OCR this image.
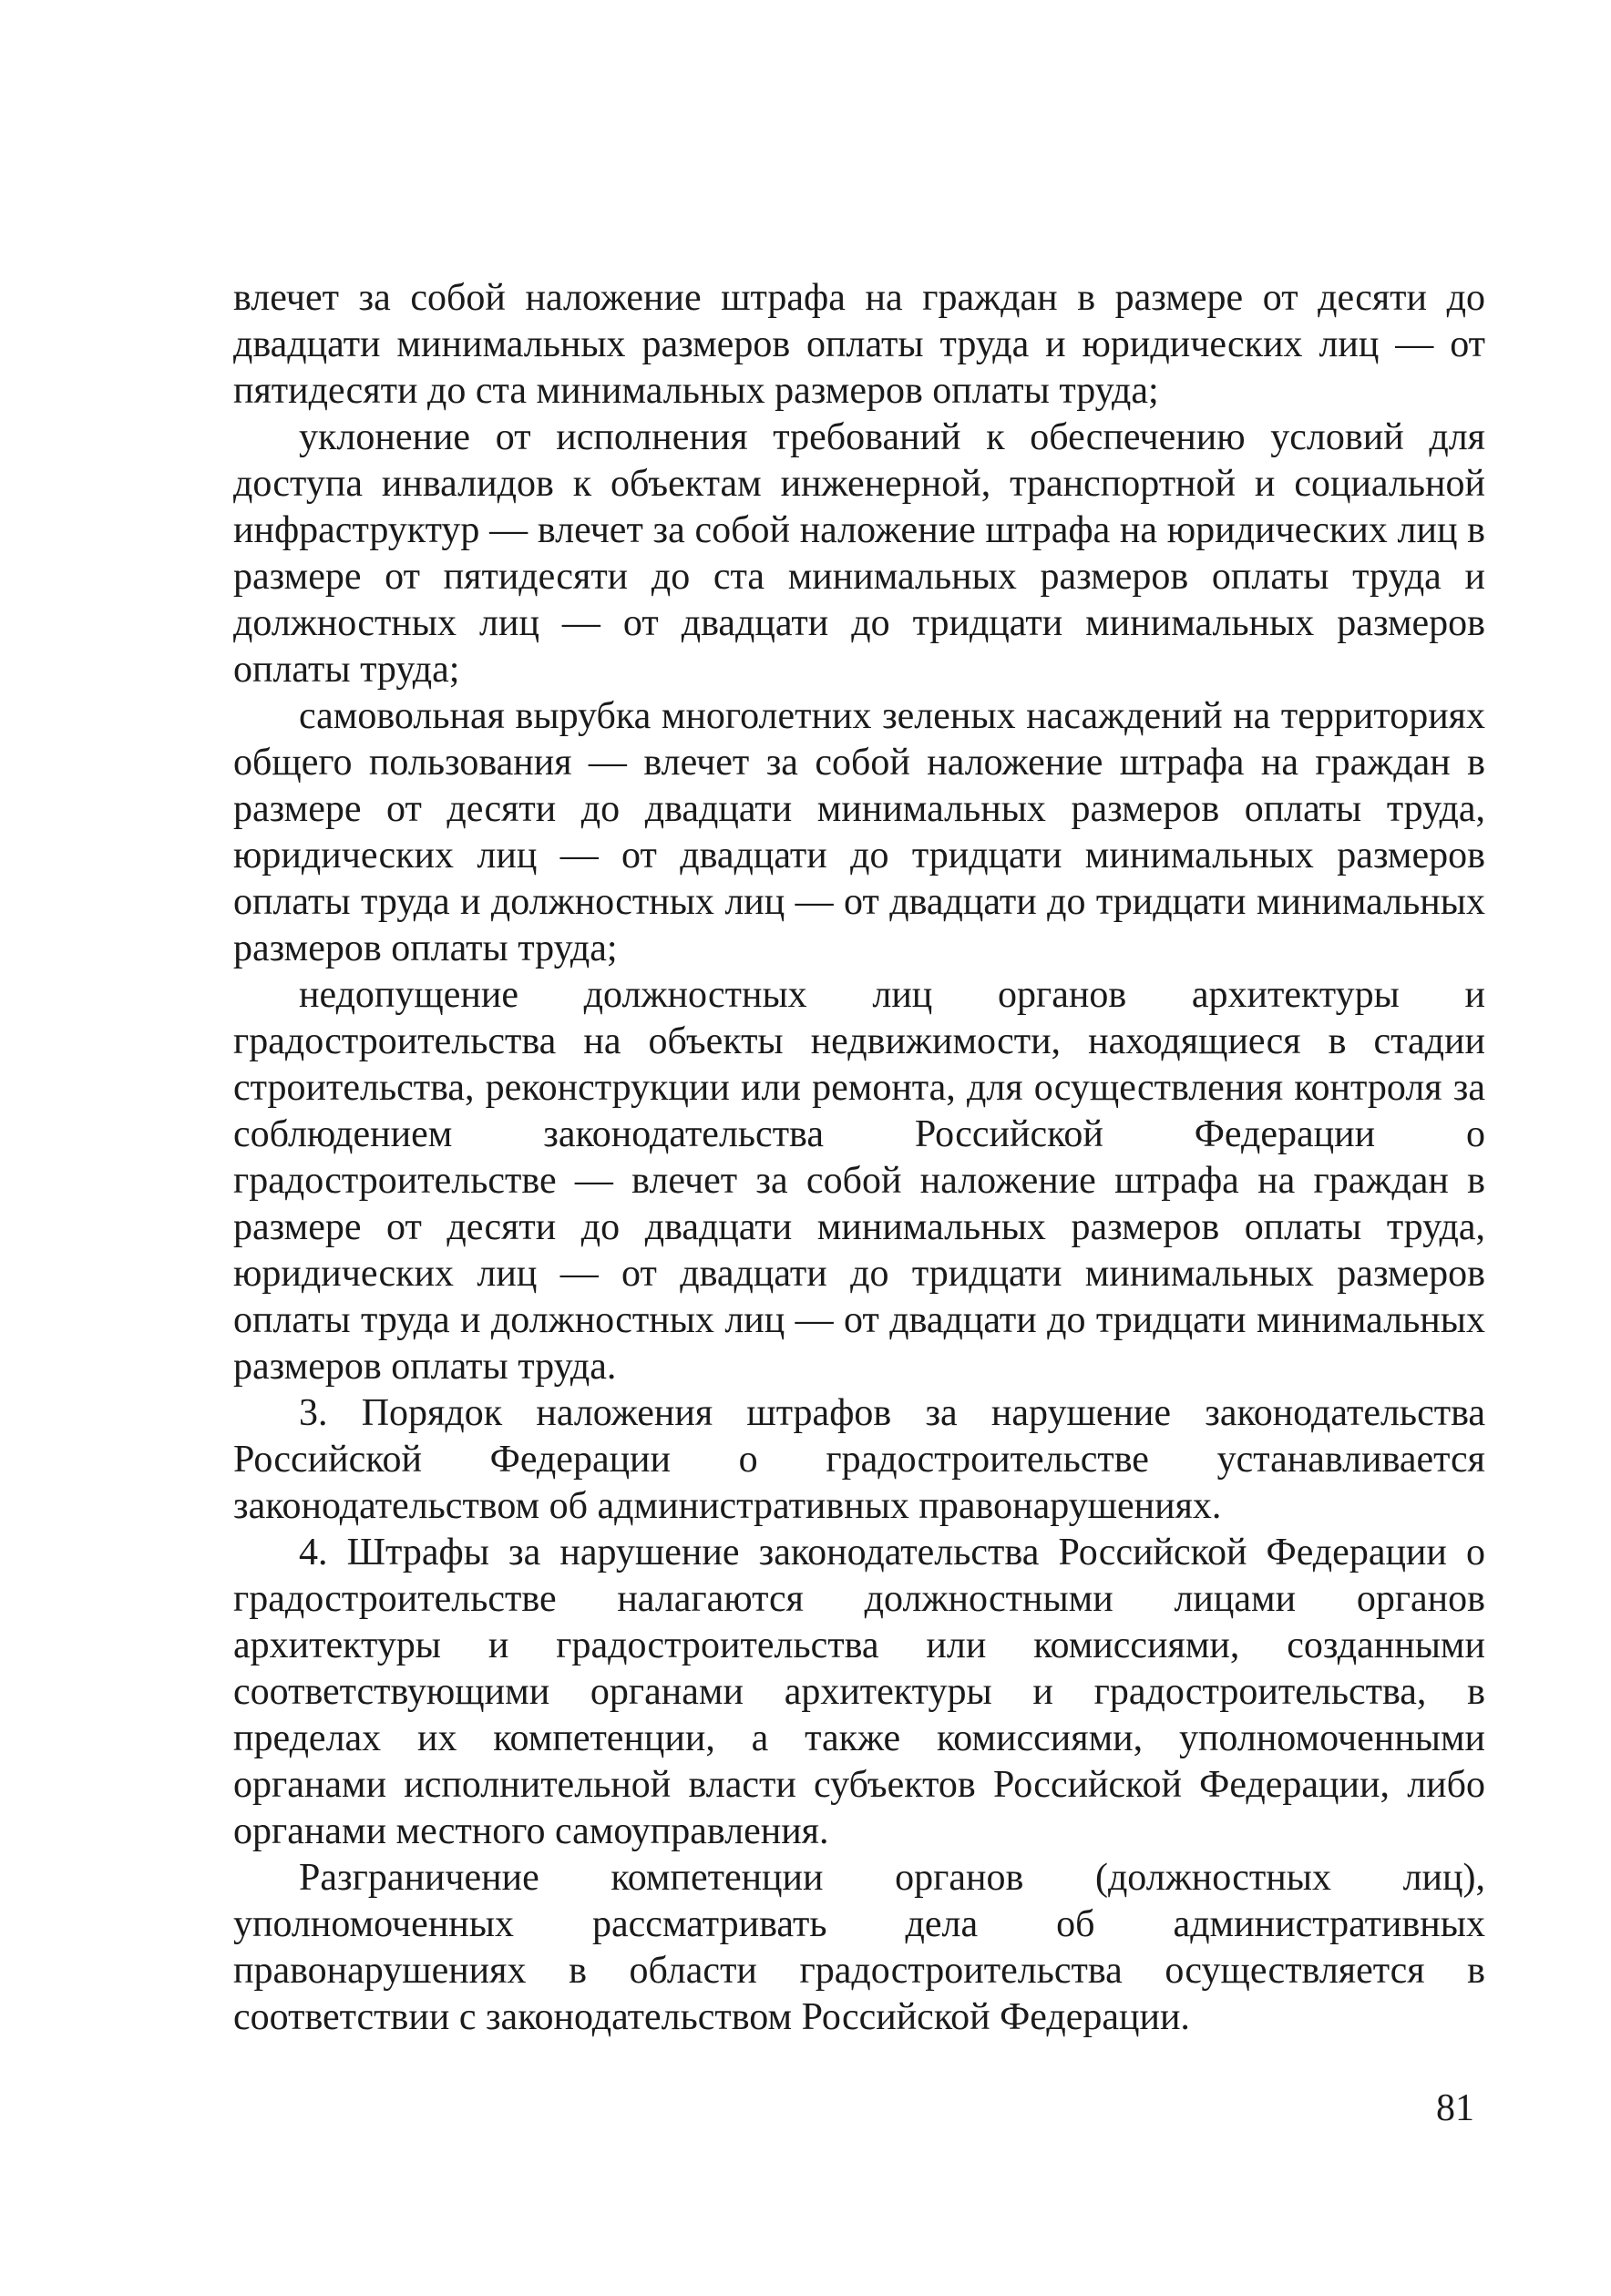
влечет за собой наложение штрафа на граждан в размере от десяти до двадцати минимальных размеров оплаты труда и юридических лиц — от пятидесяти до ста минимальных размеров оплаты труда;

уклонение от исполнения требований к обеспечению условий для доступа инвалидов к объектам инженерной, транспортной и социальной инфраструктур — влечет за собой наложение штрафа на юридических лиц в размере от пятидесяти до ста минимальных размеров оплаты труда и должностных лиц — от двадцати до тридцати минимальных размеров оплаты труда;

самовольная вырубка многолетних зеленых насаждений на территориях общего пользования — влечет за собой наложение штрафа на граждан в размере от десяти до двадцати минимальных размеров оплаты труда, юридических лиц — от двадцати до тридцати минимальных размеров оплаты труда и должностных лиц — от двадцати до тридцати минимальных размеров оплаты труда;

недопущение должностных лиц органов архитектуры и градостроительства на объекты недвижимости, находящиеся в стадии строительства, реконструкции или ремонта, для осуществления контроля за соблюдением законодательства Российской Федерации о градостроительстве — влечет за собой наложение штрафа на граждан в размере от десяти до двадцати минимальных размеров оплаты труда, юридических лиц — от двадцати до тридцати минимальных размеров оплаты труда и должностных лиц — от двадцати до тридцати минимальных размеров оплаты труда.

3. Порядок наложения штрафов за нарушение законодательства Российской Федерации о градостроительстве устанавливается законодательством об административных правонарушениях.

4. Штрафы за нарушение законодательства Российской Федерации о градостроительстве налагаются должностными лицами органов архитектуры и градостроительства или комиссиями, созданными соответствующими органами архитектуры и градостроительства, в пределах их компетенции, а также комиссиями, уполномоченными органами исполнительной власти субъектов Российской Федерации, либо органами местного самоуправления.

Разграничение компетенции органов (должностных лиц), уполномоченных рассматривать дела об административных правонарушениях в области градостроительства осуществляется в соответствии с законодательством Российской Федерации.

81
